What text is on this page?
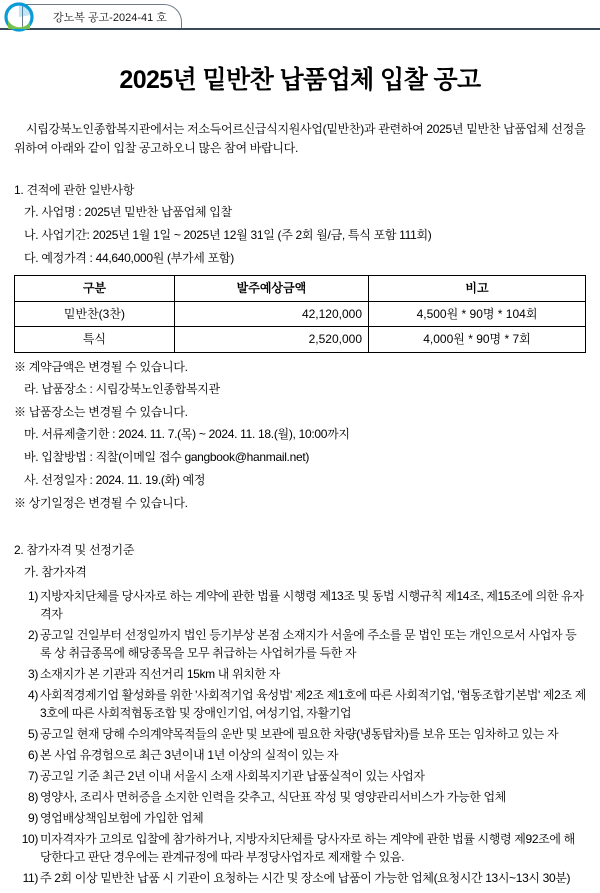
강노복 공고-2024-41 호
2025년 밑반찬 납품업체 입찰 공고

시립강북노인종합복지관에서는 저소득어르신급식지원사업(밑반찬)과 관련하여 2025년 밑반찬 납품업체 선정을 위하여 아래와 같이 입찰 공고하오니 많은 참여 바랍니다.

1. 견적에 관한 일반사항
가. 사업명 : 2025년 밑반찬 납품업체 입찰
나. 사업기간: 2025년 1월 1일 ~ 2025년 12월 31일 (주 2회 월/금, 특식 포함 111회)
다. 예정가격 : 44,640,000원 (부가세 포함)
구분	발주예상금액	비고
밑반찬(3찬)	42,120,000	4,500원 * 90명 * 104회
특식	2,520,000	4,000원 * 90명 * 7회
※ 계약금액은 변경될 수 있습니다.
라. 납품장소 : 시립강북노인종합복지관
※ 납품장소는 변경될 수 있습니다.
마. 서류제출기한 : 2024. 11. 7.(목) ~ 2024. 11. 18.(월), 10:00까지
바. 입찰방법 : 직찰(이메일 접수 gangbook@hanmail.net)
사. 선정일자 : 2024. 11. 19.(화) 예정
※ 상기일정은 변경될 수 있습니다.
2. 참가자격 및 선정기준
가. 참가자격
1) 지방자치단체를 당사자로 하는 계약에 관한 법률 시행령 제13조 및 동법 시행규칙 제14조, 제15조에 의한 유자격자
2) 공고일 건일부터 선정일까지 법인 등기부상 본점 소재지가 서울에 주소를 문 법인 또는 개인으로서 사업자 등록 상 취급종목에 해당종목을 모무 취급하는 사업허가를 득한 자
3) 소재지가 본 기관과 직선거리 15km 내 위치한 자
4) 사회적경제기업 활성화를 위한 '사회적기업 육성법' 제2조 제1호에 따른 사회적기업, '협동조합기본법' 제2조 제3호에 따른 사회적협동조합 및 장애인기업, 여성기업, 자활기업
5) 공고일 현재 당해 수의계약목적들의 운반 및 보관에 필요한 차량(냉동탑차)를 보유 또는 임차하고 있는 자
6) 본 사업 유경험으로 최근 3년이내 1년 이상의 실적이 있는 자
7) 공고일 기준 최근 2년 이내 서울시 소재 사회복지기관 납품실적이 있는 사업자
8) 영양사, 조리사 면허증을 소지한 인력을 갖추고, 식단표 작성 및 영양관리서비스가 가능한 업체
9) 영업배상책임보험에 가입한 업체
10) 미자격자가 고의로 입찰에 참가하거나, 지방자치단체를 당사자로 하는 계약에 관한 법률 시행령 제92조에 해당한다고 판단 경우에는 관계규정에 따라 부정당사업자로 제재할 수 있음.
11) 주 2회 이상 밑반찬 납품 시 기관이 요청하는 시간 및 장소에 납품이 가능한 업체(요청시간 13시~13시 30분)
